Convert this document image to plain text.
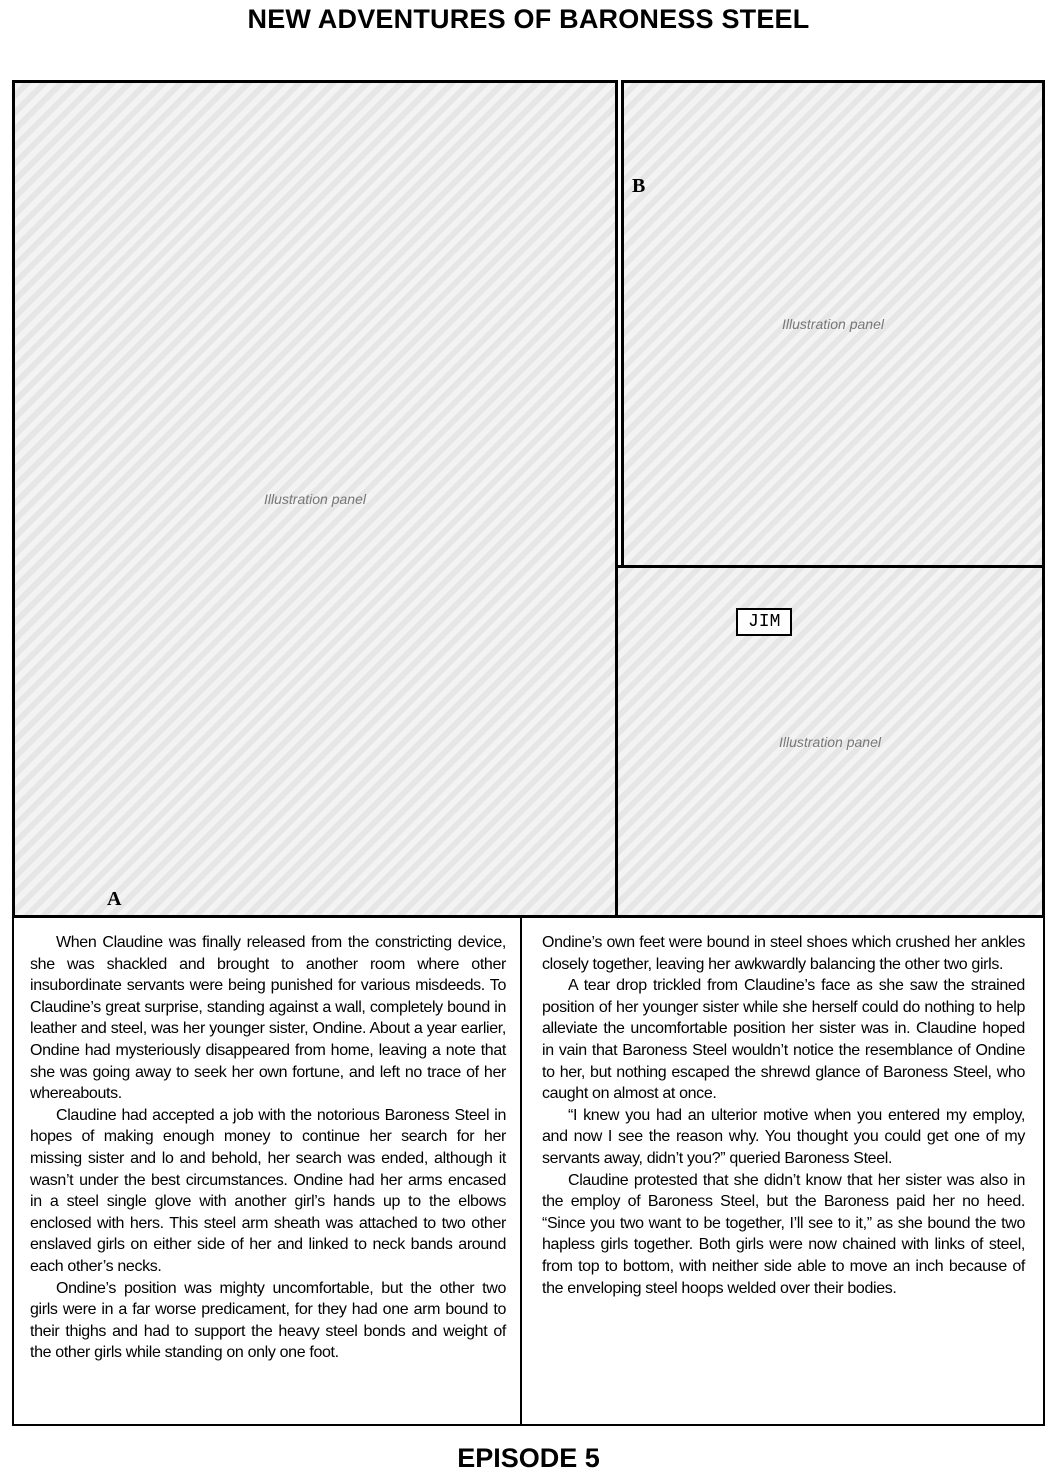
NEW ADVENTURES OF BARONESS STEEL
Illustration panel
A
Illustration panel
B
Illustration panel
JIM

When Claudine was finally released from the constricting device, she was shackled and brought to another room where other insubordinate servants were being punished for various misdeeds. To Claudine’s great surprise, standing against a wall, completely bound in leather and steel, was her younger sister, Ondine. About a year earlier, Ondine had mysteriously disappeared from home, leaving a note that she was going away to seek her own fortune, and left no trace of her whereabouts.

Claudine had accepted a job with the notorious Baroness Steel in hopes of making enough money to continue her search for her missing sister and lo and behold, her search was ended, although it wasn’t under the best circumstances. Ondine had her arms encased in a steel single glove with another girl’s hands up to the elbows enclosed with hers. This steel arm sheath was attached to two other enslaved girls on either side of her and linked to neck bands around each other’s necks.

Ondine’s position was mighty uncomfortable, but the other two girls were in a far worse predicament, for they had one arm bound to their thighs and had to support the heavy steel bonds and weight of the other girls while standing on only one foot.

Ondine’s own feet were bound in steel shoes which crushed her ankles closely together, leaving her awkwardly balancing the other two girls.

A tear drop trickled from Claudine’s face as she saw the strained position of her younger sister while she herself could do nothing to help alleviate the uncomfortable position her sister was in. Claudine hoped in vain that Baroness Steel wouldn’t notice the resemblance of Ondine to her, but nothing escaped the shrewd glance of Baroness Steel, who caught on almost at once.

“I knew you had an ulterior motive when you entered my employ, and now I see the reason why. You thought you could get one of my servants away, didn’t you?” queried Baroness Steel.

Claudine protested that she didn’t know that her sister was also in the employ of Baroness Steel, but the Baroness paid her no heed. “Since you two want to be together, I’ll see to it,” as she bound the two hapless girls together. Both girls were now chained with links of steel, from top to bottom, with neither side able to move an inch because of the enveloping steel hoops welded over their bodies.

EPISODE 5
